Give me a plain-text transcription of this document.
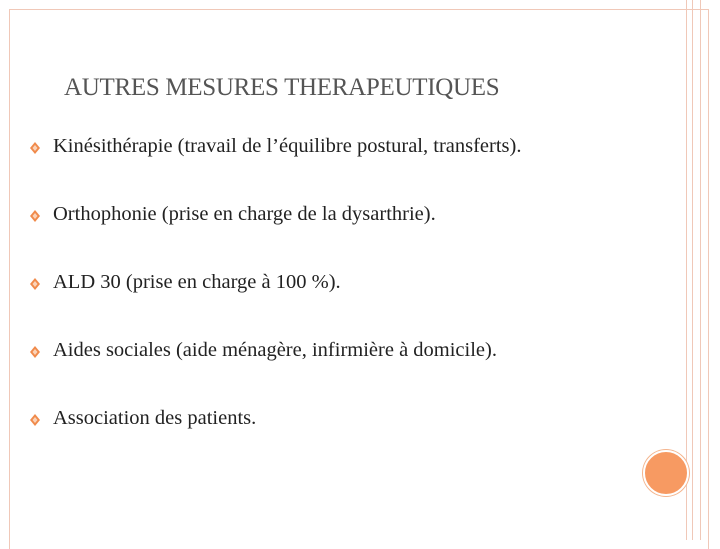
AUTRES MESURES THERAPEUTIQUES
Kinésithérapie (travail de l’équilibre postural, transferts).
Orthophonie (prise en charge de la dysarthrie).
ALD 30 (prise en charge à 100 %).
Aides sociales (aide ménagère, infirmière à domicile).
Association des patients.
